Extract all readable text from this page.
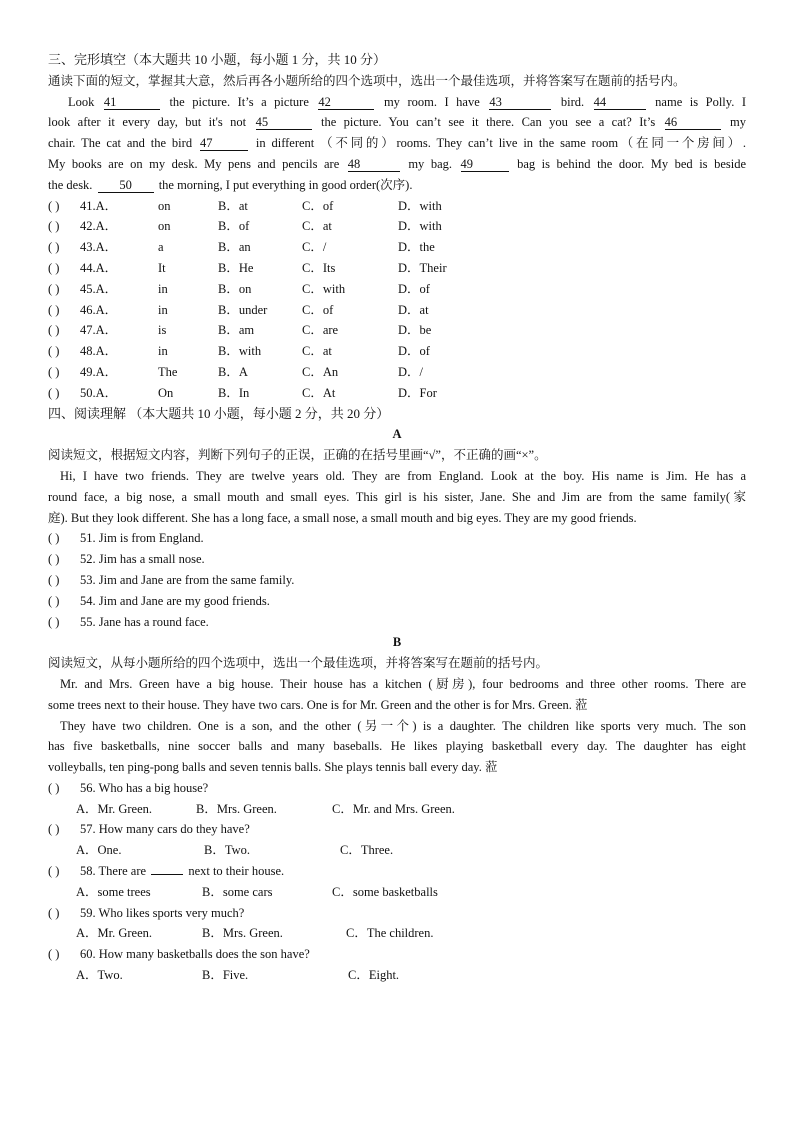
三、完形填空（本大题共 10 小题，每小题 1 分，共 10 分）
通读下面的短文，掌握其大意，然后再各小题所给的四个选项中，选出一个最佳选项，并将答案写在题前的括号内。
Look 41	the picture. It’s a picture 42	my room. I have 43	bird. 44	name is Polly. I
look after it every day, but it's not 45	the picture. You can’t see it there. Can you see a cat? It’s 46	my
chair. The cat and the bird 47	in different （不同的）rooms. They can’t live in the same room（在同一个房间）.
My books are on my desk. My pens and pencils are 48	my bag. 49	bag is behind the door. My bed is beside
the desk. 50 the morning, I put everything in good order(次序).
( )	41.A．	on	B．at	C．of	D．with
( )	42.A．	on	B．of	C．at	D．with
( )	43.A．	a	B．an	C．/	D．the
( )	44.A．	It	B．He	C．Its	D．Their
( )	45.A．	in	B．on	C．with	D．of
( )	46.A．	in	B．under	C．of	D．at
( )	47.A．	is	B．am	C．are	D．be
( )	48.A．	in	B．with	C．at	D．of
( )	49.A．	The	B．A	C．An	D．/
( )	50.A．	On	B．In	C．At	D．For
四、阅读理解 （本大题共 10 小题，每小题 2 分，共 20 分）
A
阅读短文，根据短文内容，判断下列句子的正误，正确的在括号里画“√”，不正确的画“×”。
Hi, I have two friends. They are twelve years old. They are from England. Look at the boy. His name is Jim. He has a
round face, a big nose, a small mouth and small eyes. This girl is his sister, Jane. She and Jim are from the same family(家
庭). But they look different. She has a long face, a small nose, a small mouth and big eyes. They are my good friends.
( ) 51. Jim is from England.
( ) 52. Jim has a small nose.
( ) 53. Jim and Jane are from the same family.
( ) 54. Jim and Jane are my good friends.
( ) 55. Jane has a round face.
B
阅读短文，从每小题所给的四个选项中，选出一个最佳选项，并将答案写在题前的括号内。
Mr. and Mrs. Green have a big house. Their house has a kitchen (厨房), four bedrooms and three other rooms. There are
some trees next to their house. They have two cars. One is for Mr. Green and the other is for Mrs. Green. 蒞
They have two children. One is a son, and the other (另一个) is a daughter. The children like sports very much. The son
has five basketballs, nine soccer balls and many baseballs. He likes playing basketball every day. The daughter has eight
volleyballs, ten ping-pong balls and seven tennis balls. She plays tennis ball every day. 蒞
( ) 56. Who has a big house?
A．Mr. Green.	B．Mrs. Green.	C．Mr. and Mrs. Green.
( ) 57. How many cars do they have?
A．One.	B．Two.	C．Three.
( ) 58. There are	next to their house.
A．some trees	B．some cars	C．some basketballs
( ) 59. Who likes sports very much?
A．Mr. Green.	B．Mrs. Green.	C．The children.
( ) 60. How many basketballs does the son have?
A．Two.	B．Five.	C．Eight.
